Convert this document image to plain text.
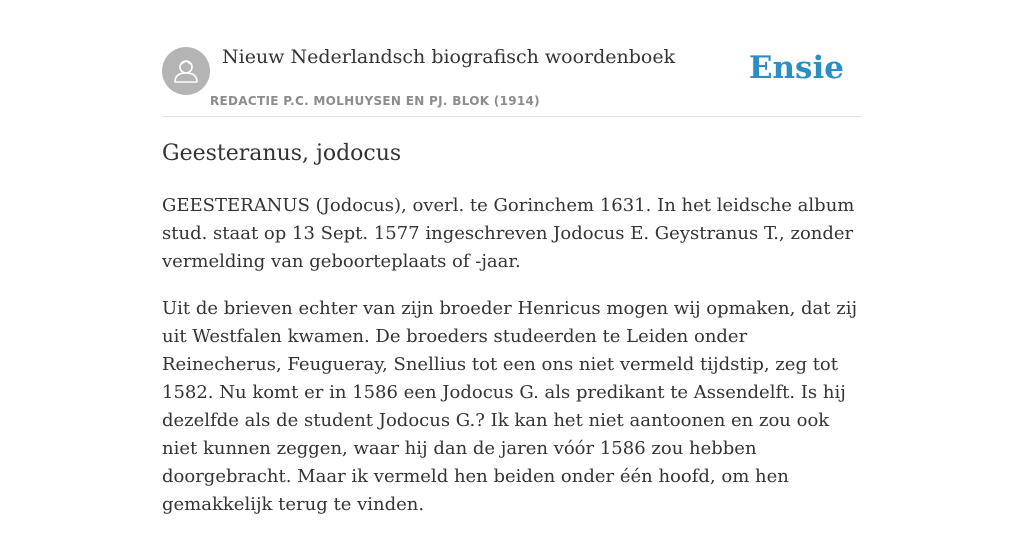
Nieuw Nederlandsch biografisch woordenboek
REDACTIE P.C. MOLHUYSEN EN PJ. BLOK (1914)
Ensie
Geesteranus, jodocus

GEESTERANUS (Jodocus), overl. te Gorinchem 1631. In het leidsche album stud. staat op 13 Sept. 1577 ingeschreven Jodocus E. Geystranus T., zonder vermelding van geboorteplaats of -jaar.

Uit de brieven echter van zijn broeder Henricus mogen wij opmaken, dat zij uit Westfalen kwamen. De broeders studeerden te Leiden onder Reinecherus, Feugueray, Snellius tot een ons niet vermeld tijdstip, zeg tot 1582. Nu komt er in 1586 een Jodocus G. als predikant te Assendelft. Is hij dezelfde als de student Jodocus G.? Ik kan het niet aantoonen en zou ook niet kunnen zeggen, waar hij dan de jaren vóór 1586 zou hebben doorgebracht. Maar ik vermeld hen beiden onder één hoofd, om hen gemakkelijk terug te vinden.
